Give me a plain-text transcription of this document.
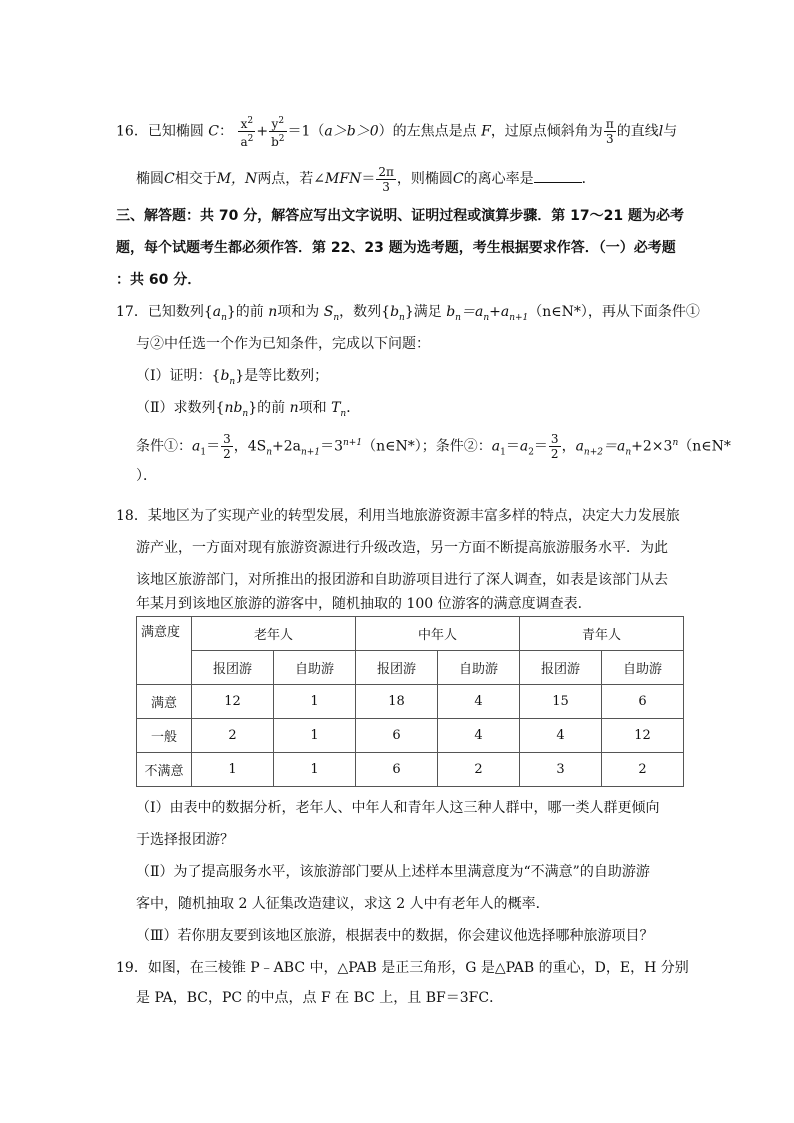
16．已知椭圆 C： $\frac{x^2}{a^2} + \frac{y^2}{b^2} =1(a>b>0)$的左焦点是点 F，过原点倾斜角为 $\frac{\pi}{3}$ 的直线l与
椭圆C相交于M，N两点，若∠MFN＝ $\frac{2\pi}{3}$ ，则椭圆C的离心率是	．
三、解答题：共 70 分，解答应写出文字说明、证明过程或演算步骤．第 17～21 题为必考
题，每个试题考生都必须作答．第 22、23 题为选考题，考生根据要求作答．（一）必考题
：共 60 分．
17．已知数列$\{a_n\}$的前 n项和为 $S_n$，数列$\{b_n\}$满足 $b_n=a_n+a_{n+1}(n\in N*)$，再从下面条件①
与②中任选一个作为已知条件，完成以下问题：
（Ⅰ）证明：$\{b_n\}$是等比数列；
（Ⅱ）求数列$\{nb_n\}$的前 n项和 $T_n$．
条件①：$a_1= \frac{3}{2}$ ，$4S_n+2a_{n+1}=3^{n+1}(n\in N*)$；条件②：$a_1=a_2= \frac{3}{2}$ ，$a_{n+2}=a_n+2\times 3^n(n\in N*$
）．
18．某地区为了实现产业的转型发展，利用当地旅游资源丰富多样的特点，决定大力发展旅
游产业，一方面对现有旅游资源进行升级改造，另一方面不断提高旅游服务水平．为此
该地区旅游部门，对所推出的报团游和自助游项目进行了深人调查，如表是该部门从去
年某月到该地区旅游的游客中，随机抽取的 100 位游客的满意度调查表．
满意度	老年人		中年人		青年人	
	报团游	自助游	报团游	自助游	报团游	自助游
满意	12	1	18	4	15	6
一般	2	1	6	4	4	12
不满意	1	1	6	2	3	2
（Ⅰ）由表中的数据分析，老年人、中年人和青年人这三种人群中，哪一类人群更倾向
于选择报团游？
（Ⅱ）为了提高服务水平，该旅游部门要从上述样本里满意度为“不满意”的自助游游
客中，随机抽取 2 人征集改造建议，求这 2 人中有老年人的概率．
（Ⅲ）若你朋友要到该地区旅游，根据表中的数据，你会建议他选择哪种旅游项目？
19．如图，在三棱锥 P﹣ABC 中，△PAB 是正三角形，G 是△PAB 的重心，D，E，H 分别
是 PA，BC，PC 的中点，点 F 在 BC 上，且 BF＝3FC．
